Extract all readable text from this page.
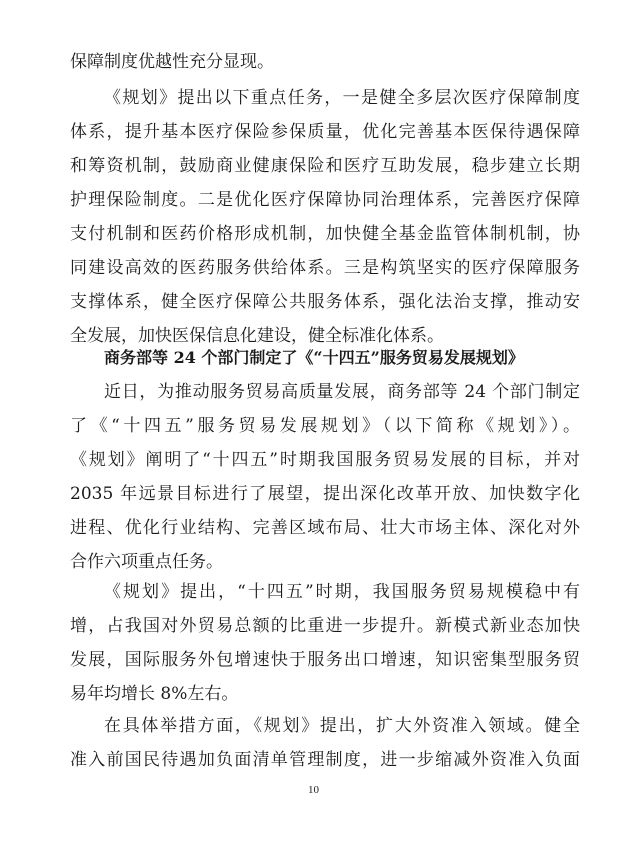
保障制度优越性充分显现。
《规划》提出以下重点任务，一是健全多层次医疗保障制度
体系，提升基本医疗保险参保质量，优化完善基本医保待遇保障
和筹资机制，鼓励商业健康保险和医疗互助发展，稳步建立长期
护理保险制度。二是优化医疗保障协同治理体系，完善医疗保障
支付机制和医药价格形成机制，加快健全基金监管体制机制，协
同建设高效的医药服务供给体系。三是构筑坚实的医疗保障服务
支撑体系，健全医疗保障公共服务体系，强化法治支撑，推动安
全发展，加快医保信息化建设，健全标准化体系。
商务部等 24 个部门制定了《“十四五”服务贸易发展规划》
近日，为推动服务贸易高质量发展，商务部等 24 个部门制定
了《“十四五”服务贸易发展规划》（以下简称《规划》）。
《规划》阐明了“十四五”时期我国服务贸易发展的目标，并对
2035 年远景目标进行了展望，提出深化改革开放、加快数字化
进程、优化行业结构、完善区域布局、壮大市场主体、深化对外
合作六项重点任务。
《规划》提出，“十四五”时期，我国服务贸易规模稳中有
增，占我国对外贸易总额的比重进一步提升。新模式新业态加快
发展，国际服务外包增速快于服务出口增速，知识密集型服务贸
易年均增长 8%左右。
在具体举措方面，《规划》提出，扩大外资准入领域。健全
准入前国民待遇加负面清单管理制度，进一步缩减外资准入负面
10
